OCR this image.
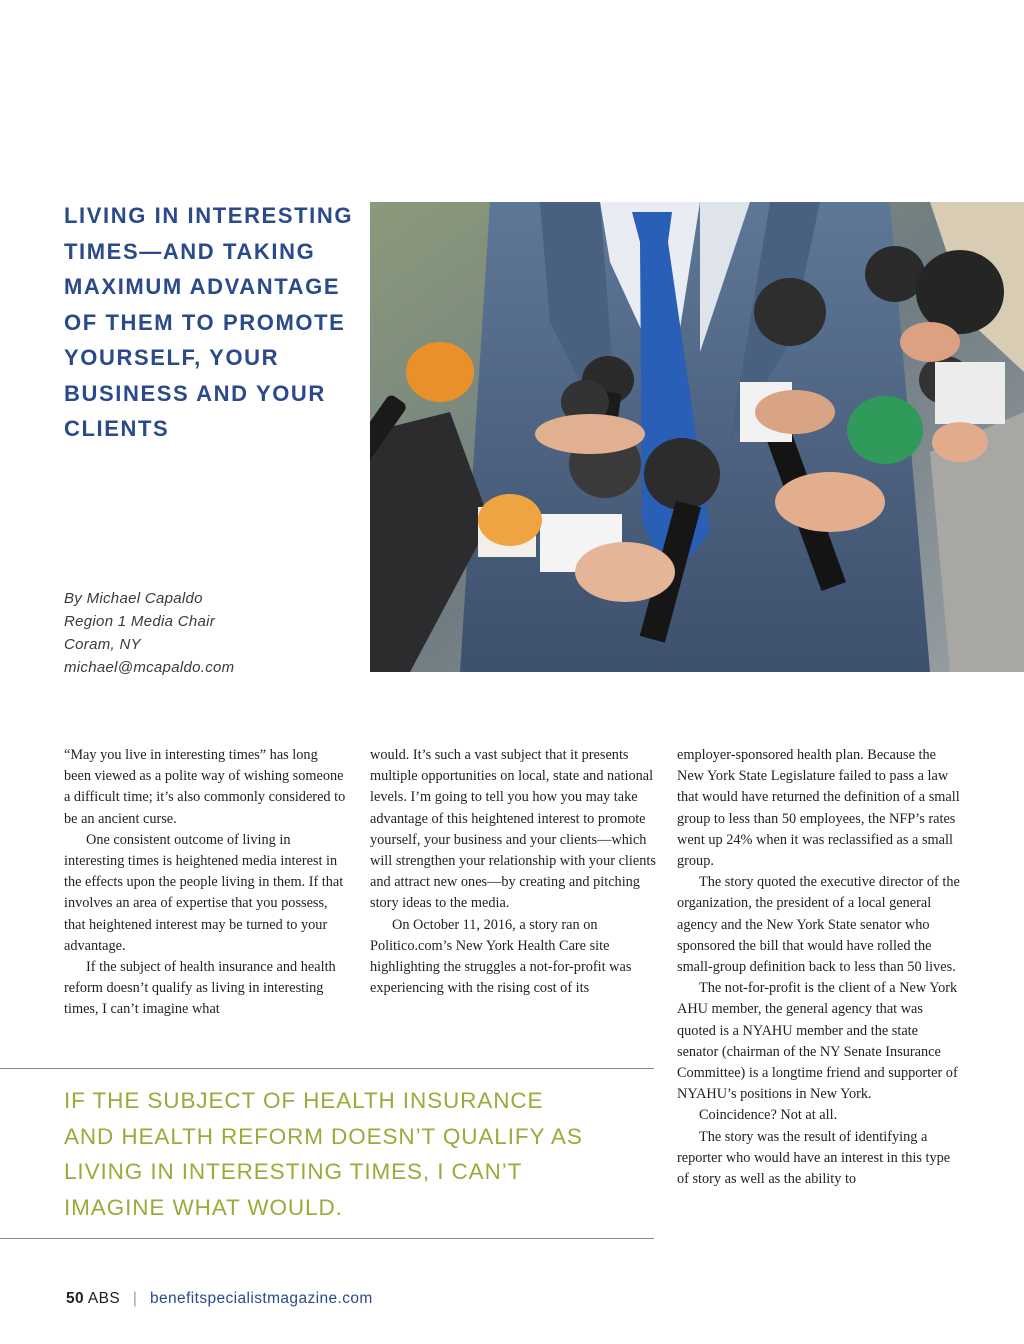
LIVING IN INTERESTING TIMES—AND TAKING MAXIMUM ADVANTAGE OF THEM TO PROMOTE YOURSELF, YOUR BUSINESS AND YOUR CLIENTS
By Michael Capaldo
Region 1 Media Chair
Coram, NY
michael@mcapaldo.com

“May you live in interesting times” has long been viewed as a polite way of wishing someone a difficult time; it’s also commonly considered to be an ancient curse.

One consistent outcome of living in interesting times is heightened media interest in the effects upon the people living in them. If that involves an area of expertise that you possess, that heightened interest may be turned to your advantage.

If the subject of health insurance and health reform doesn’t qualify as living in interesting times, I can’t imagine what

would. It’s such a vast subject that it presents multiple opportunities on local, state and national levels. I’m going to tell you how you may take advantage of this heightened interest to promote yourself, your business and your clients—which will strengthen your relationship with your clients and attract new ones—by creating and pitching story ideas to the media.

On October 11, 2016, a story ran on Politico.com’s New York Health Care site highlighting the struggles a not-for-profit was experiencing with the rising cost of its

employer-sponsored health plan. Because the New York State Legislature failed to pass a law that would have returned the definition of a small group to less than 50 employees, the NFP’s rates went up 24% when it was reclassified as a small group.

The story quoted the executive director of the organization, the president of a local general agency and the New York State senator who sponsored the bill that would have rolled the small-group definition back to less than 50 lives.

The not-for-profit is the client of a New York AHU member, the general agency that was quoted is a NYAHU member and the state senator (chairman of the NY Senate Insurance Committee) is a longtime friend and supporter of NYAHU’s positions in New York.

Coincidence? Not at all.

The story was the result of identifying a reporter who would have an interest in this type of story as well as the ability to

IF THE SUBJECT OF HEALTH INSURANCE AND HEALTH REFORM DOESN’T QUALIFY AS LIVING IN INTERESTING TIMES, I CAN’T IMAGINE WHAT WOULD.
50 ABS | benefitspecialistmagazine.com
